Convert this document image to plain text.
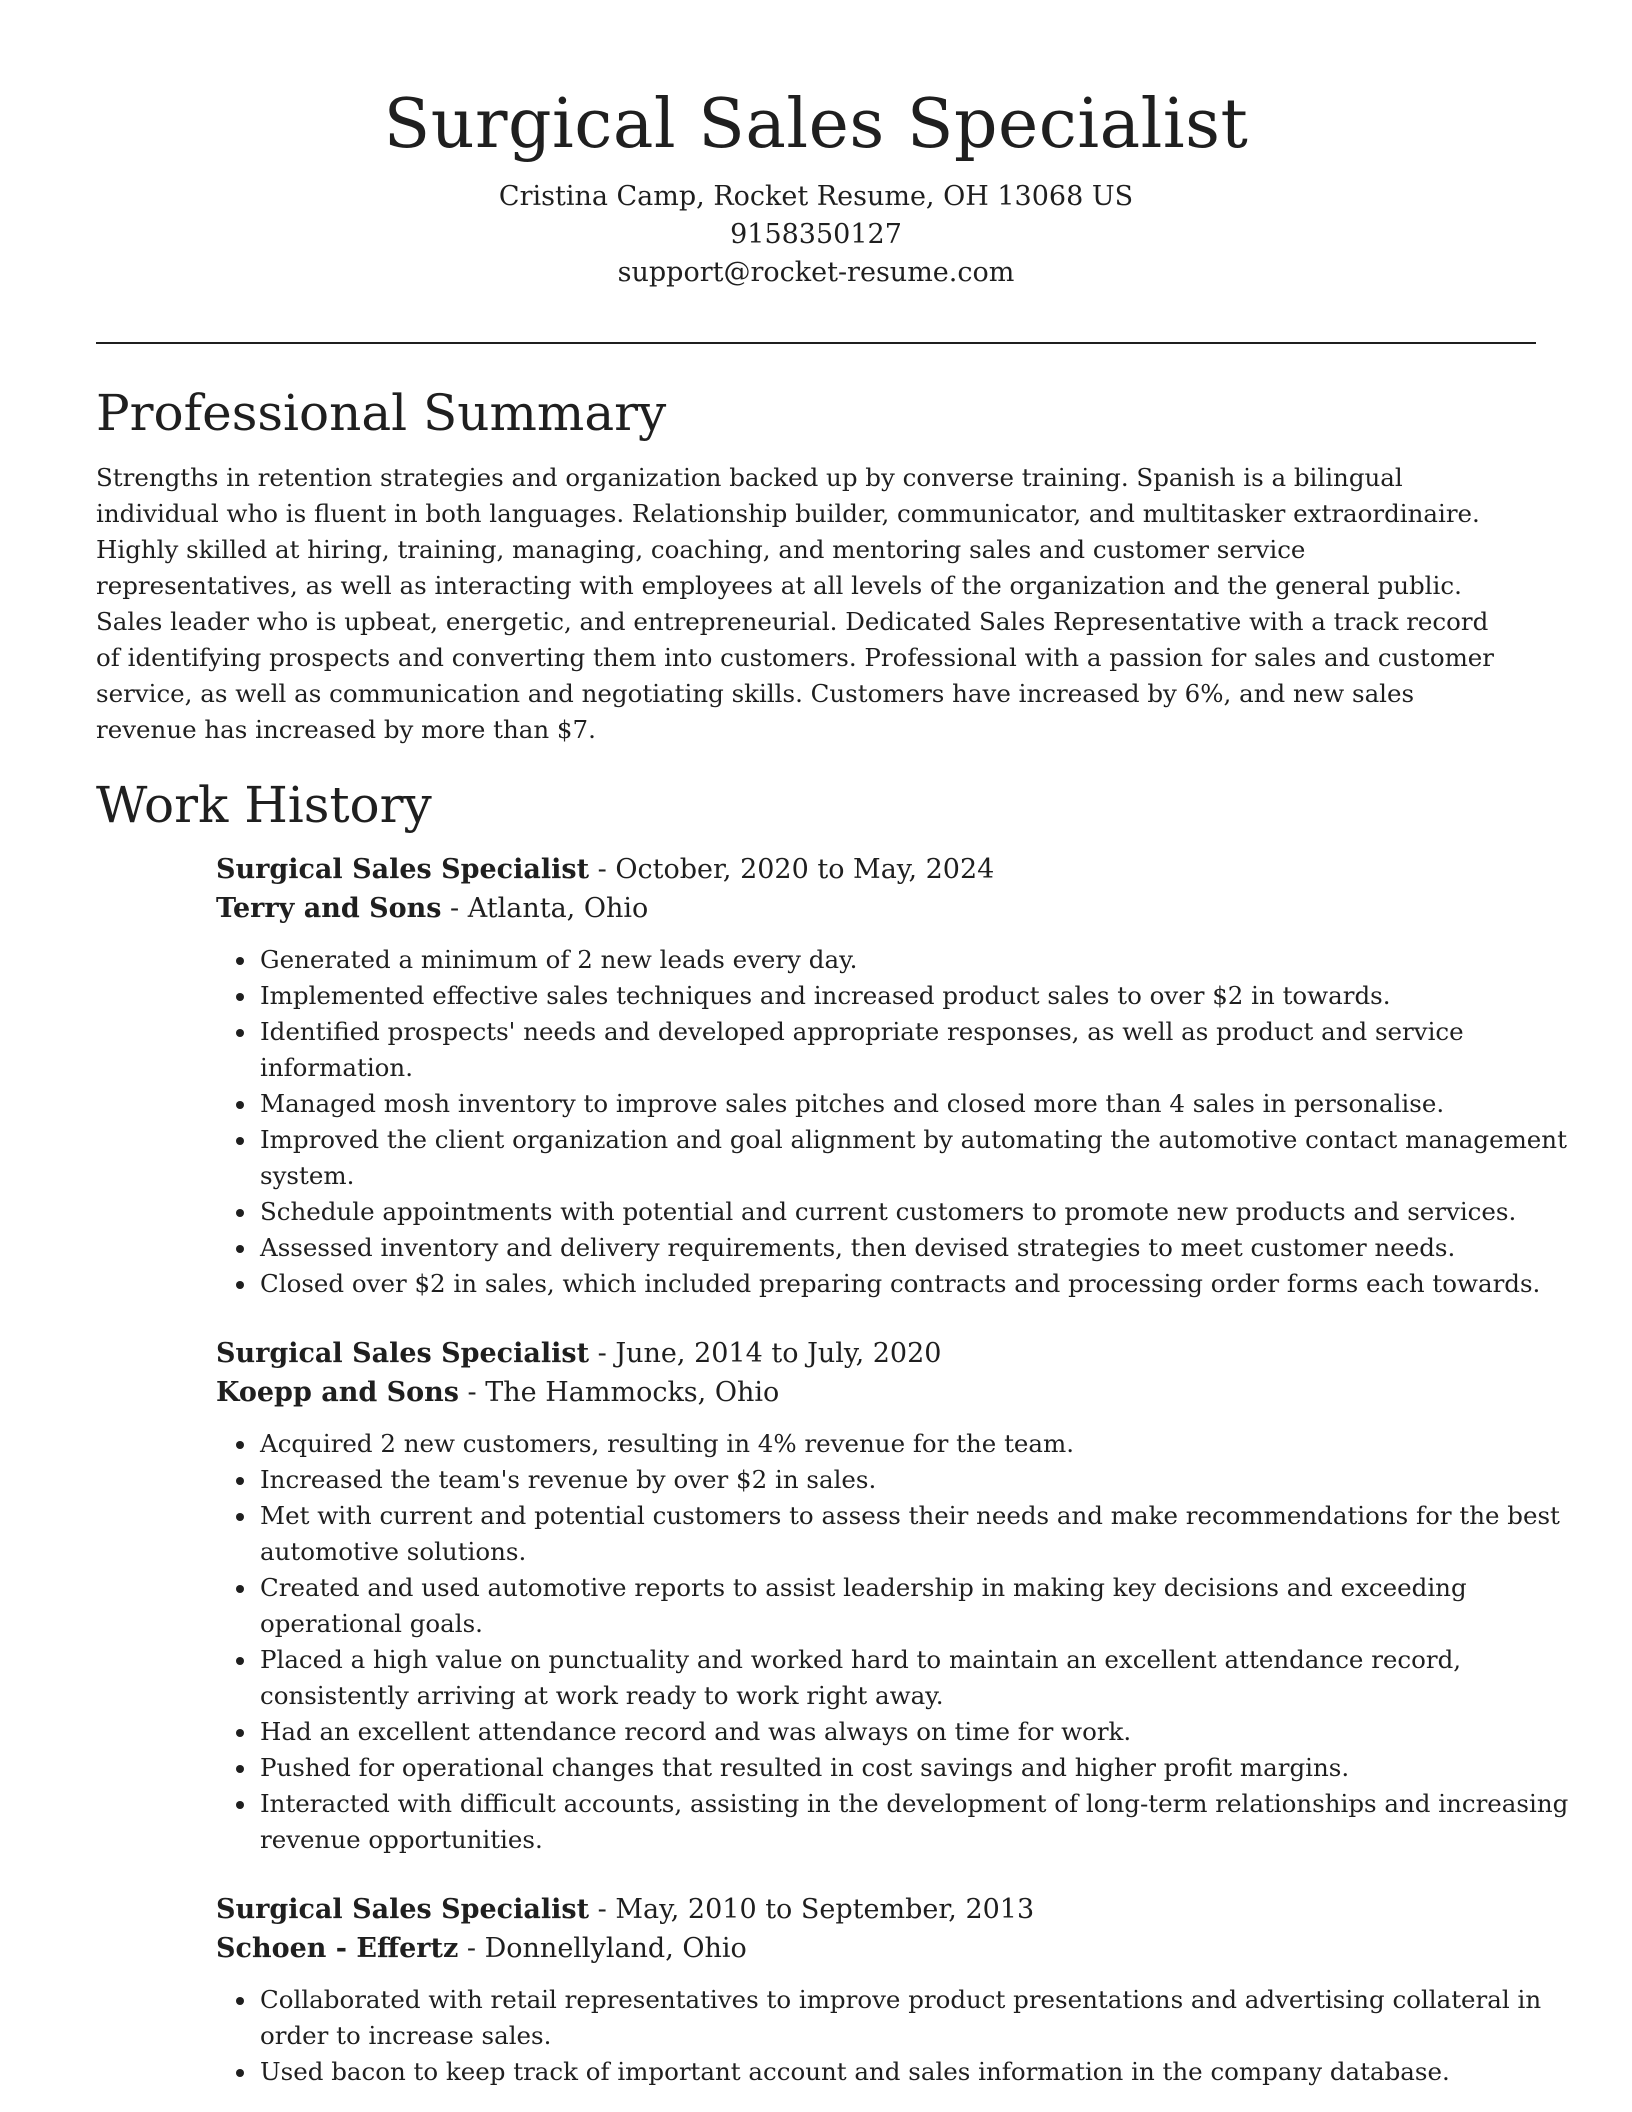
Surgical Sales Specialist

Cristina Camp, Rocket Resume, OH 13068 US

9158350127

support@rocket-resume.com

Professional Summary

Strengths in retention strategies and organization backed up by converse training. Spanish is a bilingual individual who is fluent in both languages. Relationship builder, communicator, and multitasker extraordinaire. Highly skilled at hiring, training, managing, coaching, and mentoring sales and customer service representatives, as well as interacting with employees at all levels of the organization and the general public. Sales leader who is upbeat, energetic, and entrepreneurial. Dedicated Sales Representative with a track record of identifying prospects and converting them into customers. Professional with a passion for sales and customer service, as well as communication and negotiating skills. Customers have increased by 6%, and new sales revenue has increased by more than $7.

Work History

Surgical Sales Specialist - October, 2020 to May, 2024

Terry and Sons - Atlanta, Ohio

Generated a minimum of 2 new leads every day.
Implemented effective sales techniques and increased product sales to over $2 in towards.
Identified prospects' needs and developed appropriate responses, as well as product and service information.
Managed mosh inventory to improve sales pitches and closed more than 4 sales in personalise.
Improved the client organization and goal alignment by automating the automotive contact management system.
Schedule appointments with potential and current customers to promote new products and services.
Assessed inventory and delivery requirements, then devised strategies to meet customer needs.
Closed over $2 in sales, which included preparing contracts and processing order forms each towards.

Surgical Sales Specialist - June, 2014 to July, 2020

Koepp and Sons - The Hammocks, Ohio

Acquired 2 new customers, resulting in 4% revenue for the team.
Increased the team's revenue by over $2 in sales.
Met with current and potential customers to assess their needs and make recommendations for the best automotive solutions.
Created and used automotive reports to assist leadership in making key decisions and exceeding operational goals.
Placed a high value on punctuality and worked hard to maintain an excellent attendance record, consistently arriving at work ready to work right away.
Had an excellent attendance record and was always on time for work.
Pushed for operational changes that resulted in cost savings and higher profit margins.
Interacted with difficult accounts, assisting in the development of long-term relationships and increasing revenue opportunities.

Surgical Sales Specialist - May, 2010 to September, 2013

Schoen - Effertz - Donnellyland, Ohio

Collaborated with retail representatives to improve product presentations and advertising collateral in order to increase sales.
Used bacon to keep track of important account and sales information in the company database.
